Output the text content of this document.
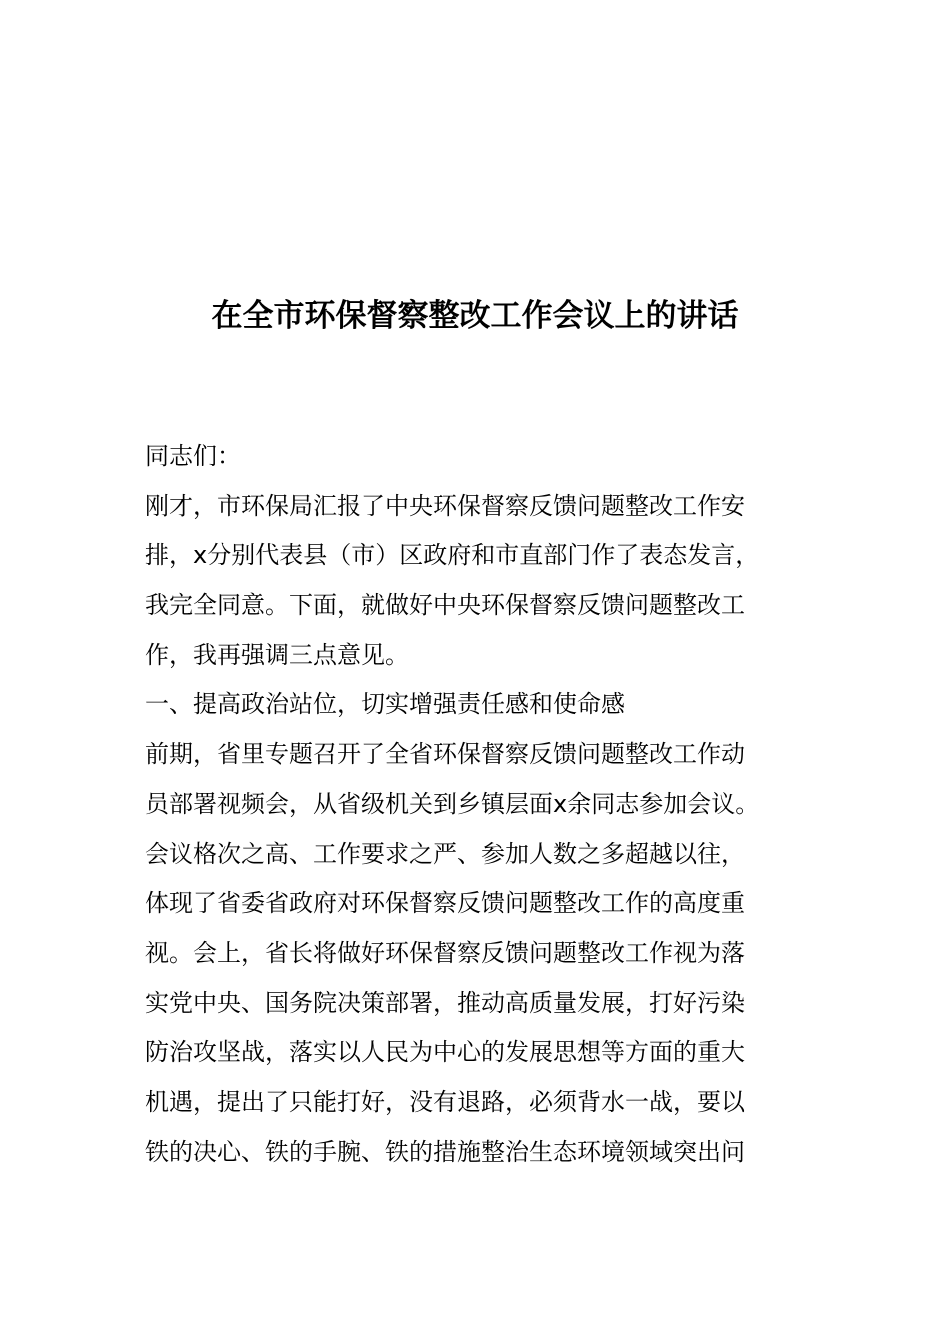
在全市环保督察整改工作会议上的讲话
同志们：
刚才，市环保局汇报了中央环保督察反馈问题整改工作安
排，x分别代表县（市）区政府和市直部门作了表态发言，
我完全同意。下面，就做好中央环保督察反馈问题整改工
作，我再强调三点意见。
一、提高政治站位，切实增强责任感和使命感
前期，省里专题召开了全省环保督察反馈问题整改工作动
员部署视频会，从省级机关到乡镇层面x余同志参加会议。
会议格次之高、工作要求之严、参加人数之多超越以往，
体现了省委省政府对环保督察反馈问题整改工作的高度重
视。会上，省长将做好环保督察反馈问题整改工作视为落
实党中央、国务院决策部署，推动高质量发展，打好污染
防治攻坚战，落实以人民为中心的发展思想等方面的重大
机遇，提出了只能打好，没有退路，必须背水一战，要以
铁的决心、铁的手腕、铁的措施整治生态环境领域突出问
